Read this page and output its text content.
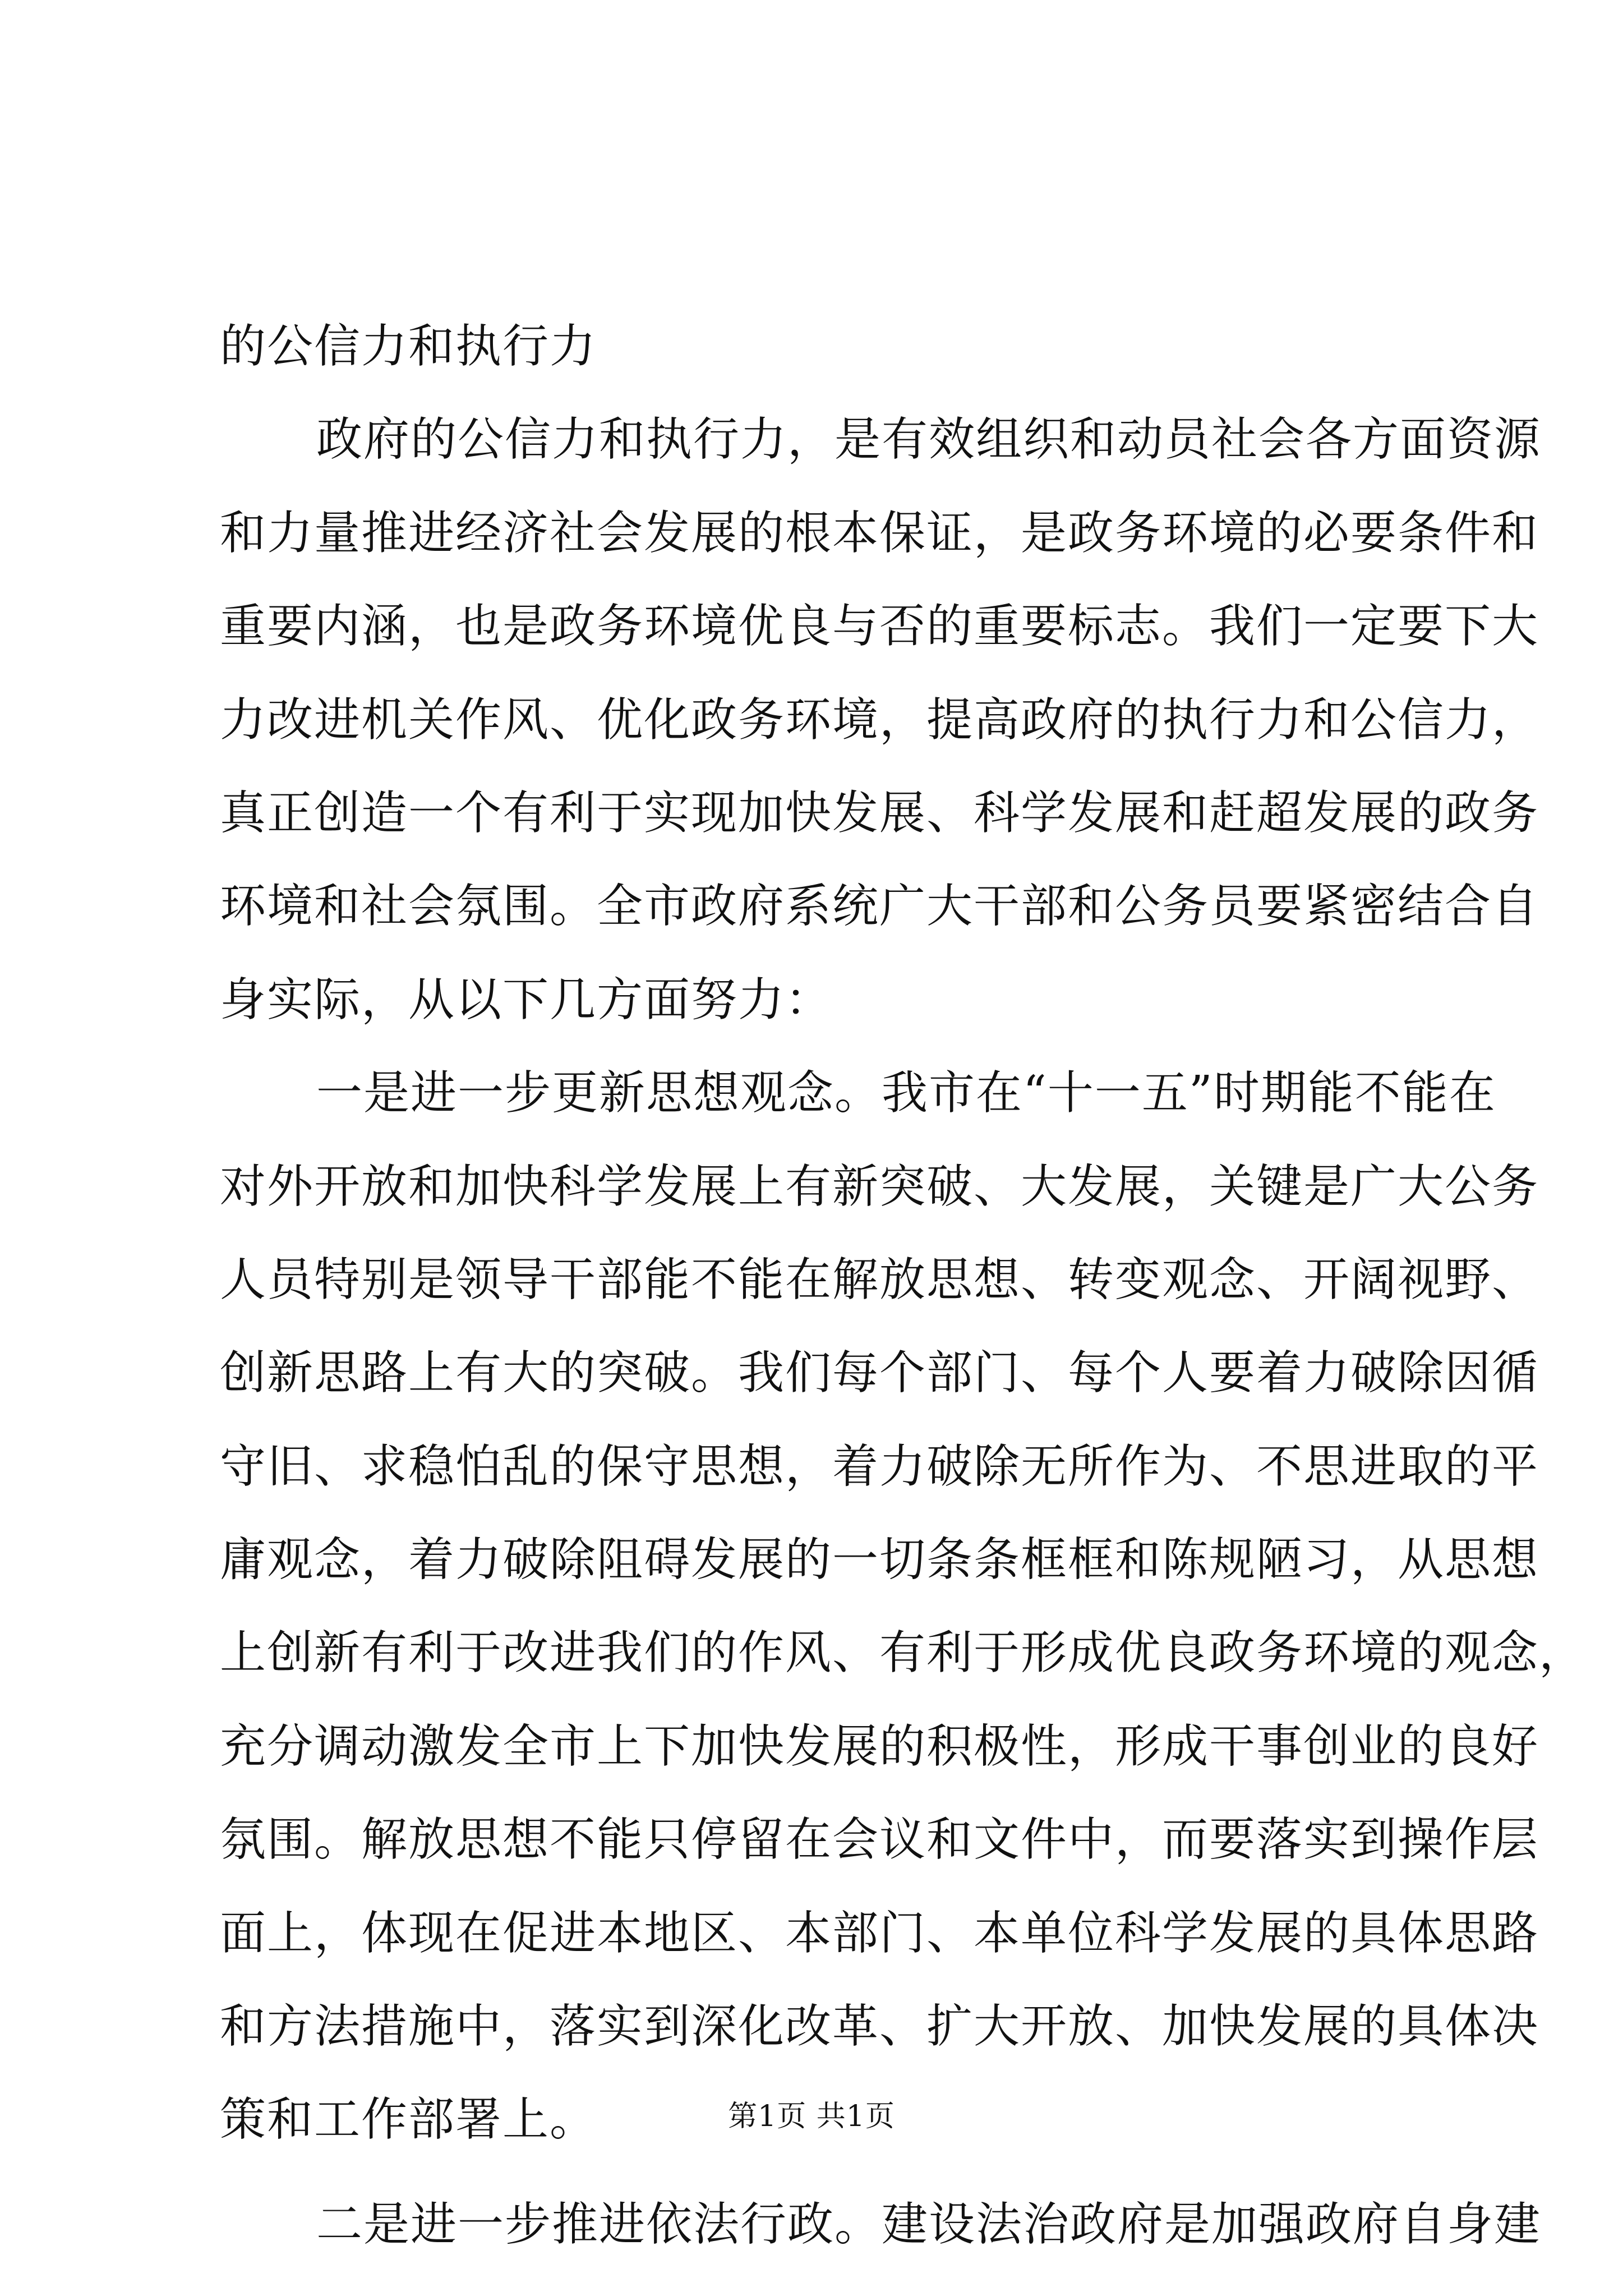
的公信力和执行力
政府的公信力和执行力，是有效组织和动员社会各方面资源
和力量推进经济社会发展的根本保证，是政务环境的必要条件和
重要内涵，也是政务环境优良与否的重要标志。我们一定要下大
力改进机关作风、优化政务环境，提高政府的执行力和公信力，
真正创造一个有利于实现加快发展、科学发展和赶超发展的政务
环境和社会氛围。全市政府系统广大干部和公务员要紧密结合自
身实际，从以下几方面努力：
一是进一步更新思想观念。我市在“十一五”时期能不能在
对外开放和加快科学发展上有新突破、大发展，关键是广大公务
人员特别是领导干部能不能在解放思想、转变观念、开阔视野、
创新思路上有大的突破。我们每个部门、每个人要着力破除因循
守旧、求稳怕乱的保守思想，着力破除无所作为、不思进取的平
庸观念，着力破除阻碍发展的一切条条框框和陈规陋习，从思想
上创新有利于改进我们的作风、有利于形成优良政务环境的观念，
充分调动激发全市上下加快发展的积极性，形成干事创业的良好
氛围。解放思想不能只停留在会议和文件中，而要落实到操作层
面上，体现在促进本地区、本部门、本单位科学发展的具体思路
和方法措施中，落实到深化改革、扩大开放、加快发展的具体决
策和工作部署上。
二是进一步推进依法行政。建设法治政府是加强政府自身建
第1页 共1页
